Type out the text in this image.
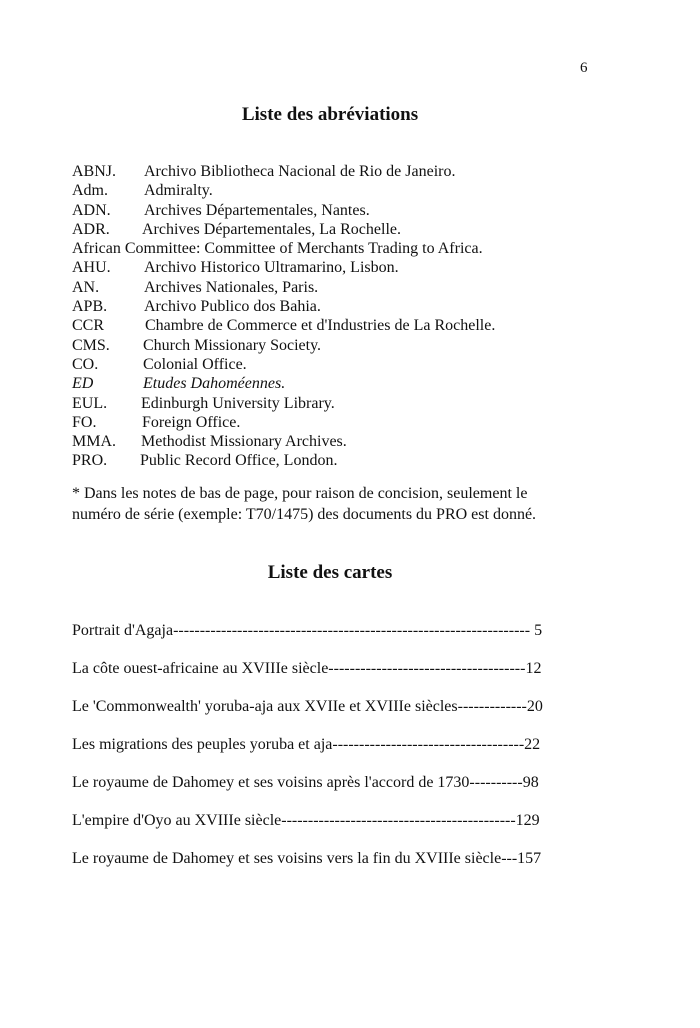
6
Liste des abréviations
ABNJ. Archivo Bibliotheca Nacional de Rio de Janeiro.
Adm. Admiralty.
ADN. Archives Départementales, Nantes.
ADR. Archives Départementales, La Rochelle.
African Committee: Committee of Merchants Trading to Africa.
AHU. Archivo Historico Ultramarino, Lisbon.
AN.	Archives Nationales, Paris.
APB. Archivo Publico dos Bahia.
CCR	Chambre de Commerce et d'Industries de La Rochelle.
CMS. Church Missionary Society.
CO.	Colonial Office.
ED	Etudes Dahoméennes.
EUL. Edinburgh University Library.
FO.	Foreign Office.
MMA. Methodist Missionary Archives.
PRO. Public Record Office, London.
* Dans les notes de bas de page, pour raison de concision, seulement le
numéro de série (exemple: T70/1475) des documents du PRO est donné.
Liste des cartes
Portrait d'Agaja------------------------------------------------------------------- 5
La côte ouest-africaine au XVIIIe siècle-------------------------------------12
Le 'Commonwealth' yoruba-aja aux XVIIe et XVIIIe siècles-------------20
Les migrations des peuples yoruba et aja------------------------------------22
Le royaume de Dahomey et ses voisins après l'accord de 1730----------98
L'empire d'Oyo au XVIIIe siècle--------------------------------------------129
Le royaume de Dahomey et ses voisins vers la fin du XVIIIe siècle---157
